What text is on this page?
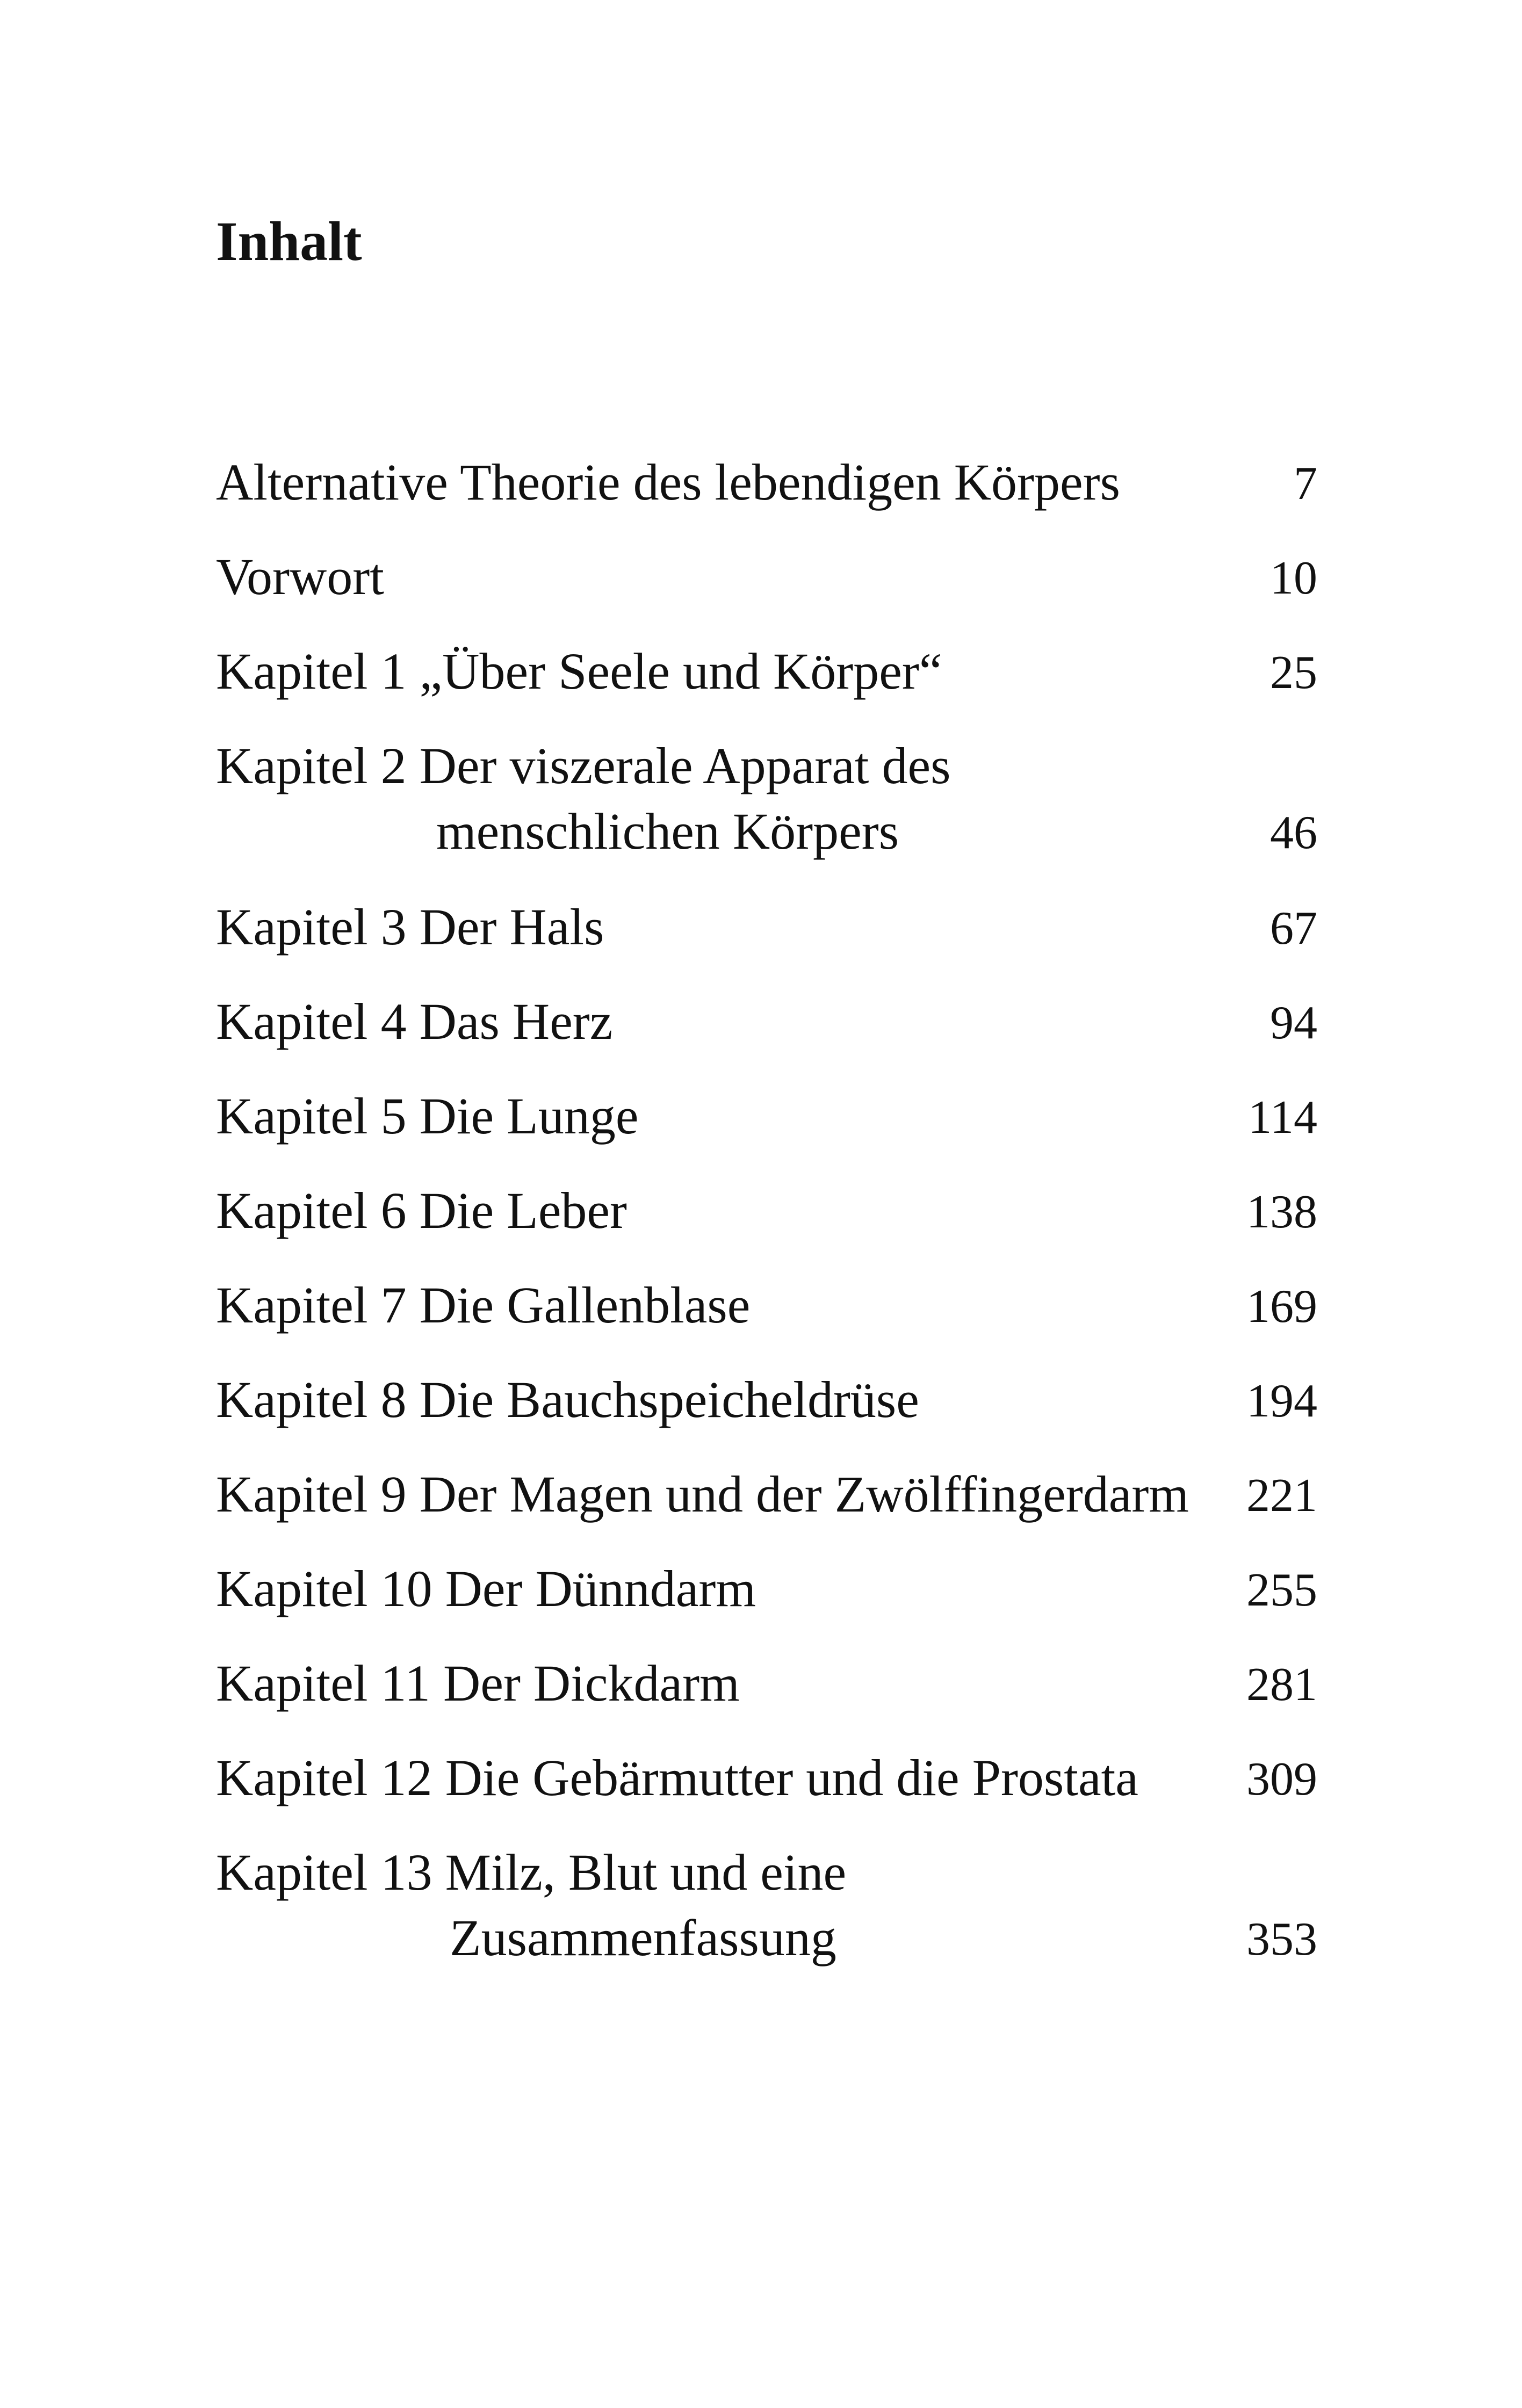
Inhalt
Alternative Theorie des lebendigen Körpers	7
Vorwort	10
Kapitel 1 „Über Seele und Körper“	25
Kapitel 2 Der viszerale Apparat des
menschlichen Körpers	46
Kapitel 3 Der Hals	67
Kapitel 4 Das Herz	94
Kapitel 5 Die Lunge	114
Kapitel 6 Die Leber	138
Kapitel 7 Die Gallenblase	169
Kapitel 8 Die Bauchspeicheldrüse	194
Kapitel 9 Der Magen und der Zwölffingerdarm 221
Kapitel 10 Der Dünndarm	255
Kapitel 11 Der Dickdarm	281
Kapitel 12 Die Gebärmutter und die Prostata 309
Kapitel 13 Milz, Blut und eine
Zusammenfassung	353
